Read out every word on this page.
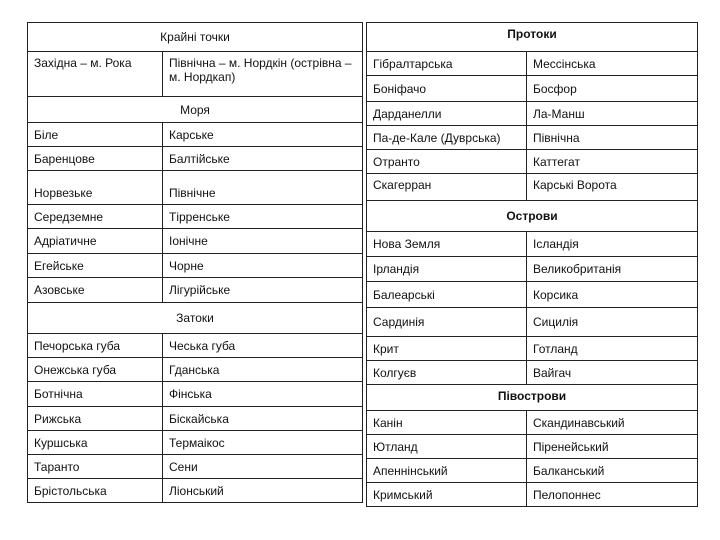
Крайні точки	
Західна – м. Рока	Північна – м. Нордкін (острівна – м. Нордкап)
Моря	
Біле	Карське
Баренцове	Балтійське
Норвезьке	Північне
Середземне	Тірренське
Адріатичне	Іонічне
Егейське	Чорне
Азовське	Лігурійське
Затоки	
Печорська губа	Чеська губа
Онежська губа	Гданська
Ботнічна	Фінська
Рижська	Біскайська
Куршська	Термаікос
Таранто	Сени
Брістольська	Ліонський
Протоки	
Гібралтарська	Мессінська
Боніфачо	Босфор
Дарданелли	Ла-Манш
Па-де-Кале (Дуврська)	Північна
Отранто	Каттегат
Скагерран	Карські Ворота
Острови	
Нова Земля	Ісландія
Ірландія	Великобританія
Балеарські	Корсика
Сардинія	Сицилія
Крит	Готланд
Колгуєв	Вайгач
Півострови	
Канін	Скандинавський
Ютланд	Піренейський
Апеннінський	Балканський
Кримський	Пелопоннес
